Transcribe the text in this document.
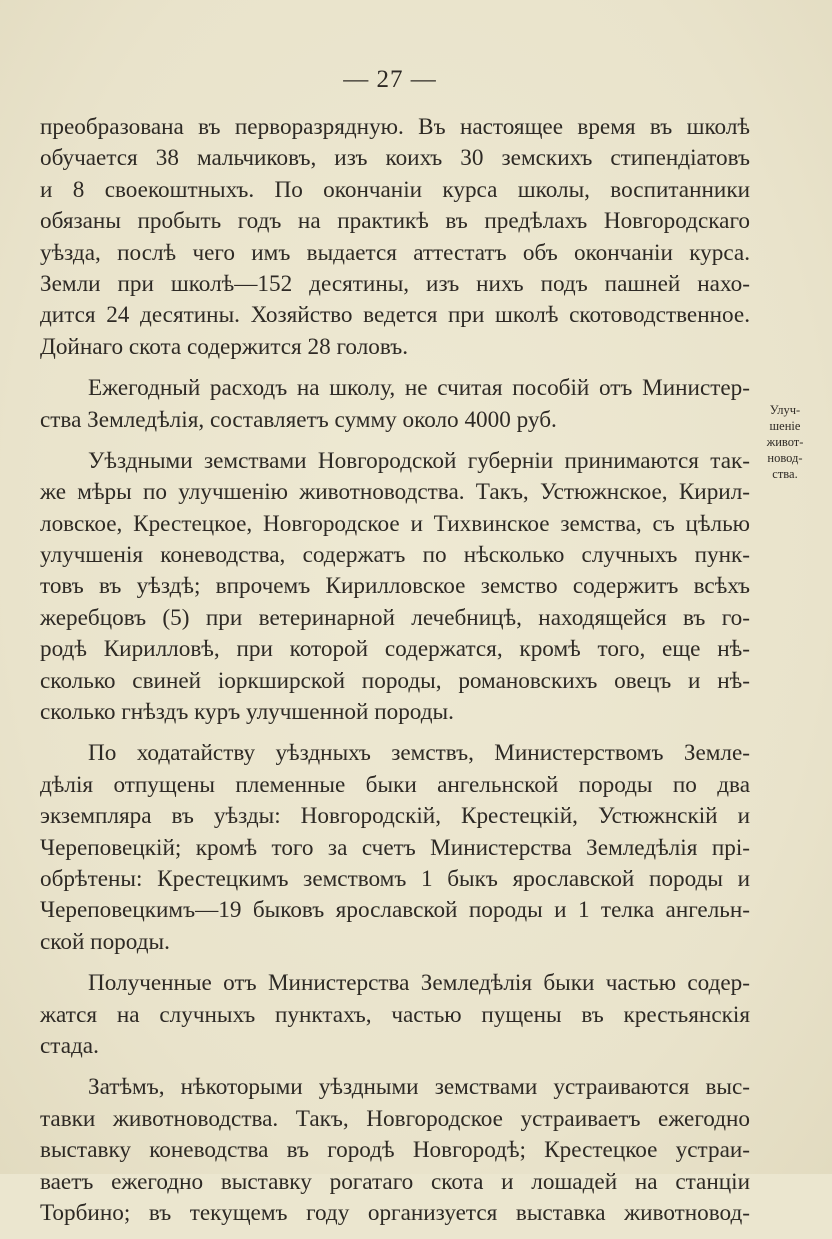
— 27 —
преобразована въ перворазрядную. Въ настоящее время въ школѣ
обучается 38 мальчиковъ, изъ коихъ 30 земскихъ стипендіатовъ
и 8 своекоштныхъ. По окончаніи курса школы, воспитанники
обязаны пробыть годъ на практикѣ въ предѣлахъ Новгородскаго
уѣзда, послѣ чего имъ выдается аттестатъ объ окончаніи курса.
Земли при школѣ—152 десятины, изъ нихъ подъ пашней нахо-
дится 24 десятины. Хозяйство ведется при школѣ скотоводственное.
Дойнаго скота содержится 28 головъ.
Ежегодный расходъ на школу, не считая пособій отъ Министер-
ства Земледѣлія, составляетъ сумму около 4000 руб.
Уѣздными земствами Новгородской губерніи принимаются так-
же мѣры по улучшенію животноводства. Такъ, Устюжнское, Кирил-
ловское, Крестецкое, Новгородское и Тихвинское земства, съ цѣлью
улучшенія коневодства, содержатъ по нѣсколько случныхъ пунк-
товъ въ уѣздѣ; впрочемъ Кирилловское земство содержитъ всѣхъ
жеребцовъ (5) при ветеринарной лечебницѣ, находящейся въ го-
родѣ Кирилловѣ, при которой содержатся, кромѣ того, еще нѣ-
сколько свиней іоркширской породы, романовскихъ овецъ и нѣ-
сколько гнѣздъ куръ улучшенной породы.
По ходатайству уѣздныхъ земствъ, Министерствомъ Земле-
дѣлія отпущены племенные быки ангельнской породы по два
экземпляра въ уѣзды: Новгородскій, Крестецкій, Устюжнскій и
Череповецкій; кромѣ того за счетъ Министерства Земледѣлія прі-
обрѣтены: Крестецкимъ земствомъ 1 быкъ ярославской породы и
Череповецкимъ—19 быковъ ярославской породы и 1 телка ангельн-
ской породы.
Полученные отъ Министерства Земледѣлія быки частью содер-
жатся на случныхъ пунктахъ, частью пущены въ крестьянскія
стада.
Затѣмъ, нѣкоторыми уѣздными земствами устраиваются выс-
тавки животноводства. Такъ, Новгородское устраиваетъ ежегодно
выставку коневодства въ городѣ Новгородѣ; Крестецкое устраи-
ваетъ ежегодно выставку рогатаго скота и лошадей на станціи
Торбино; въ текущемъ году организуется выставка животновод-
Улуч-
шеніе
живот-
новод-
ства.
